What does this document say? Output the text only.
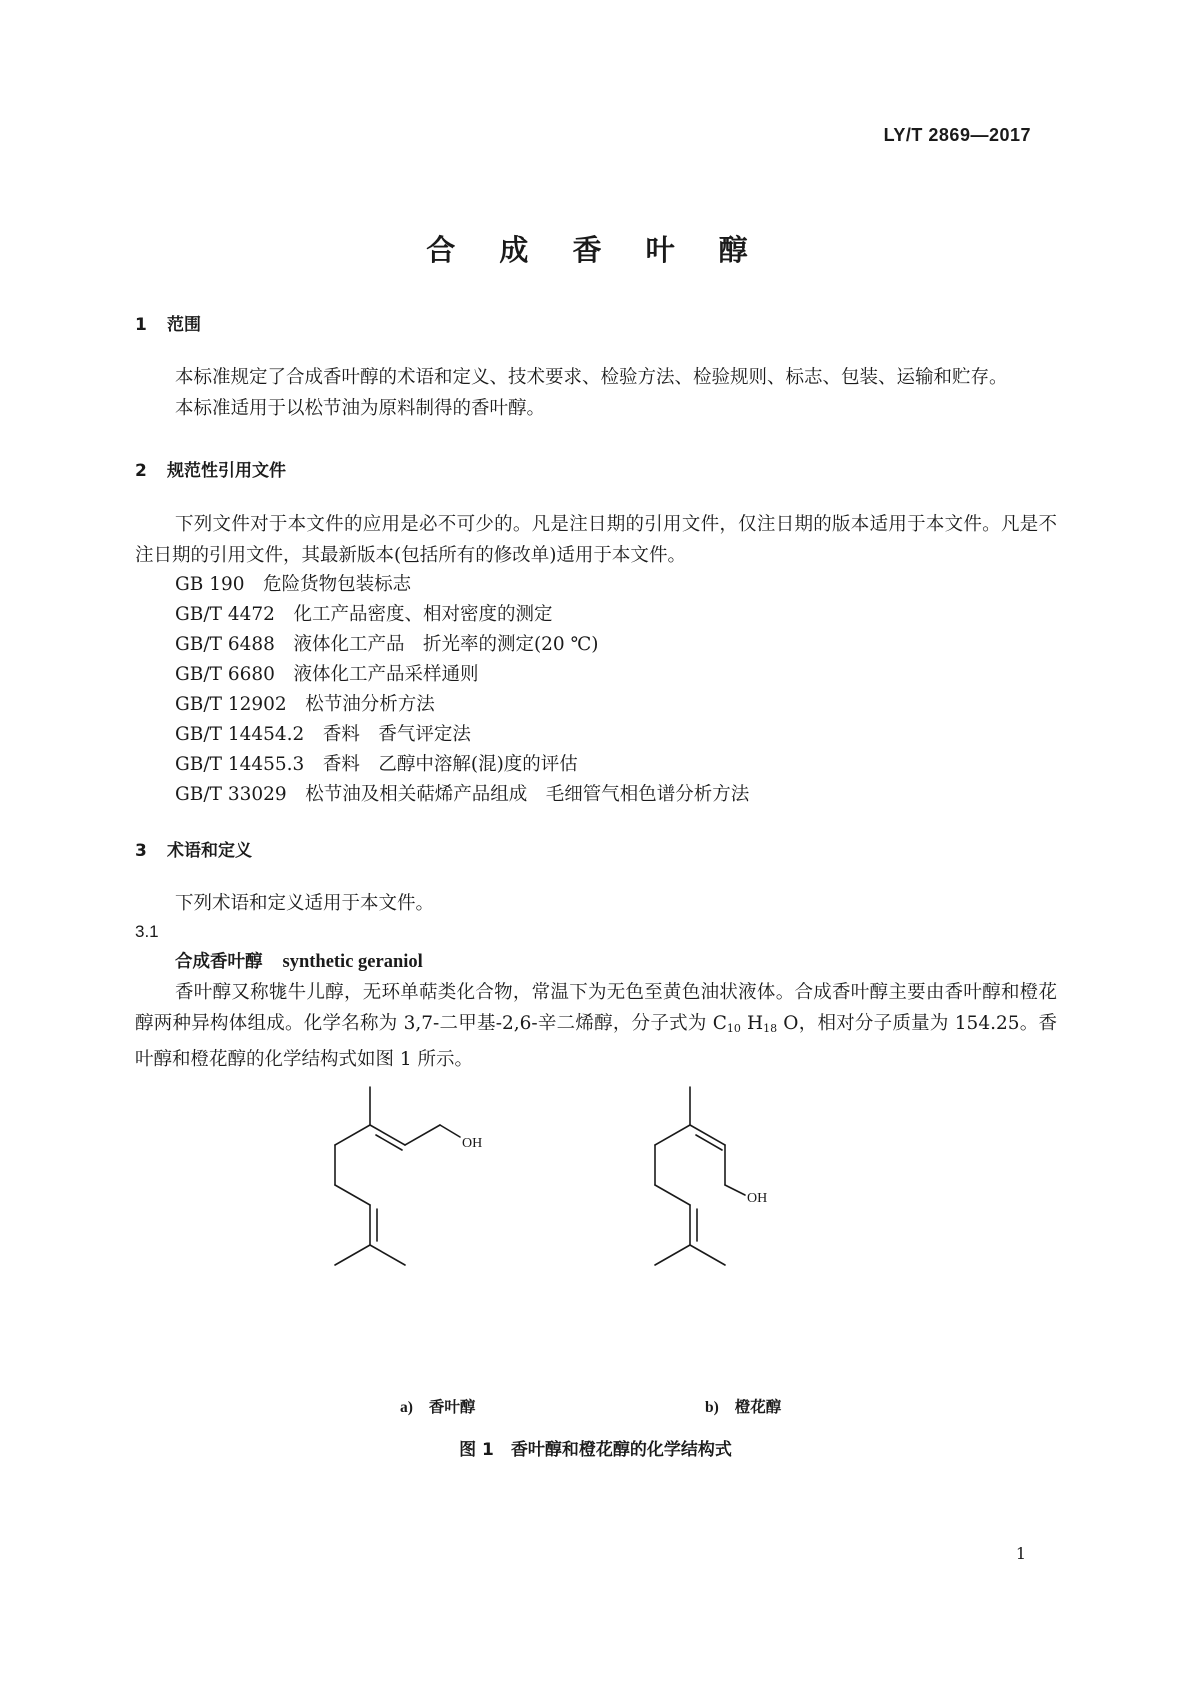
LY/T 2869—2017
合 成 香 叶 醇
1 范围

本标准规定了合成香叶醇的术语和定义、技术要求、检验方法、检验规则、标志、包装、运输和贮存。

本标准适用于以松节油为原料制得的香叶醇。

2 规范性引用文件

下列文件对于本文件的应用是必不可少的。凡是注日期的引用文件，仅注日期的版本适用于本文件。凡是不注日期的引用文件，其最新版本(包括所有的修改单)适用于本文件。

GB 190　 危险货物包装标志
GB/T 4472　 化工产品密度、相对密度的测定
GB/T 6488　 液体化工产品　折光率的测定(20 ℃)
GB/T 6680　 液体化工产品采样通则
GB/T 12902　 松节油分析方法
GB/T 14454.2　 香料　香气评定法
GB/T 14455.3　 香料　乙醇中溶解(混)度的评估
GB/T 33029　 松节油及相关萜烯产品组成　毛细管气相色谱分析方法
3 术语和定义

下列术语和定义适用于本文件。

3.1
合成香叶醇 synthetic geraniol

香叶醇又称牻牛儿醇，无环单萜类化合物，常温下为无色至黄色油状液体。合成香叶醇主要由香叶醇和橙花醇两种异构体组成。化学名称为 3,7-二甲基-2,6-辛二烯醇，分子式为 $C_{10}$ $H_{18}$ O，相对分子质量为 154.25。香叶醇和橙花醇的化学结构式如图 1 所示。

OH
OH
a) 香叶醇	b) 橙花醇
图 1　香叶醇和橙花醇的化学结构式
1
